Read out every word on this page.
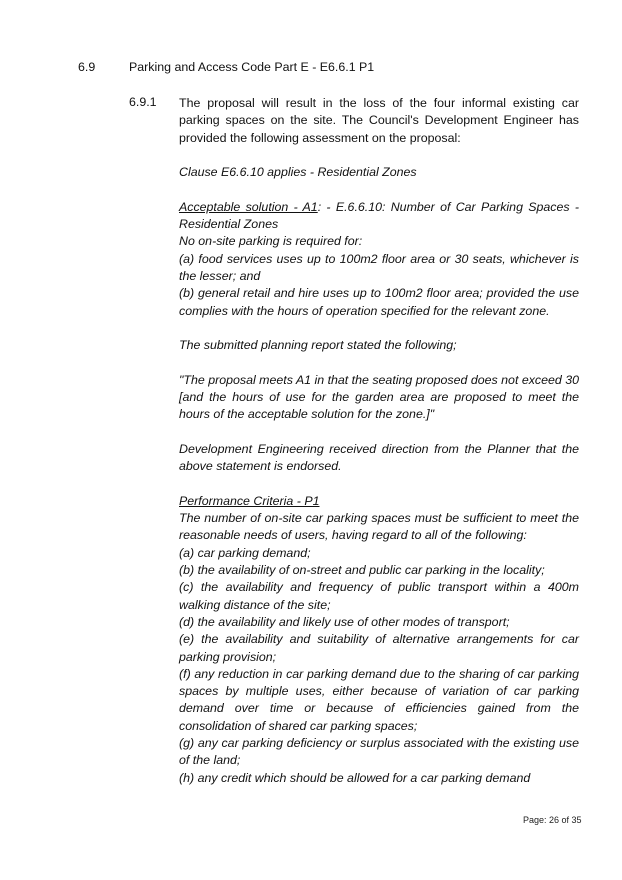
6.9	Parking and Access Code Part E - E6.6.1 P1
6.9.1 The proposal will result in the loss of the four informal existing car parking spaces on the site. The Council's Development Engineer has provided the following assessment on the proposal:

Clause E6.6.10 applies - Residential Zones

Acceptable solution - A1: - E.6.6.10: Number of Car Parking Spaces - Residential Zones
No on-site parking is required for:
(a) food services uses up to 100m2 floor area or 30 seats, whichever is the lesser; and

(b) general retail and hire uses up to 100m2 floor area; provided the use complies with the hours of operation specified for the relevant zone.

The submitted planning report stated the following;

"The proposal meets A1 in that the seating proposed does not exceed 30 [and the hours of use for the garden area are proposed to meet the hours of the acceptable solution for the zone.]"

Development Engineering received direction from the Planner that the above statement is endorsed.

Performance Criteria - P1
The number of on-site car parking spaces must be sufficient to meet the reasonable needs of users, having regard to all of the following:
(a) car parking demand;
(b) the availability of on-street and public car parking in the locality;
(c) the availability and frequency of public transport within a 400m walking distance of the site;
(d) the availability and likely use of other modes of transport;
(e) the availability and suitability of alternative arrangements for car parking provision;
(f) any reduction in car parking demand due to the sharing of car parking spaces by multiple uses, either because of variation of car parking demand over time or because of efficiencies gained from the consolidation of shared car parking spaces;
(g) any car parking deficiency or surplus associated with the existing use of the land;
(h) any credit which should be allowed for a car parking demand
Page: 26 of 35
